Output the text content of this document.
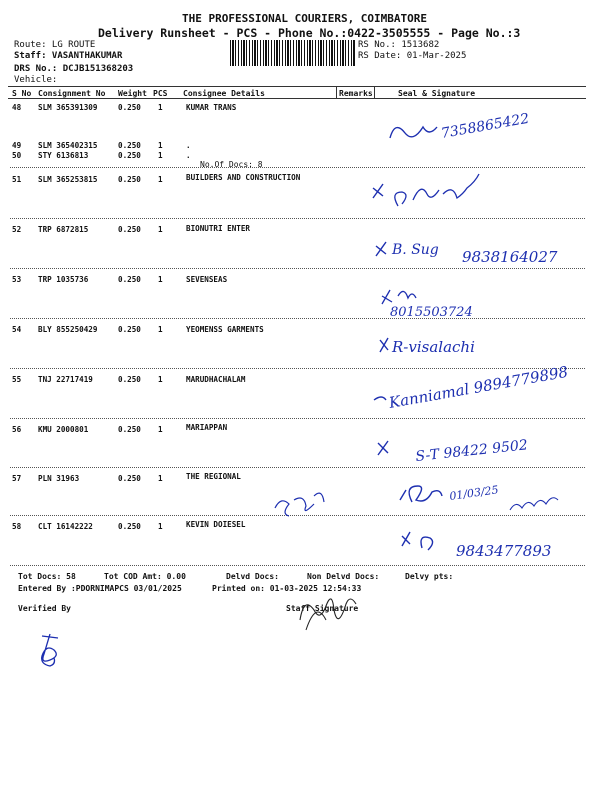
THE PROFESSIONAL COURIERS, COIMBATORE
Delivery Runsheet - PCS - Phone No.:0422-3505555 - Page No.:3
Route: LG ROUTE
Staff: VASANTHAKUMAR
DRS No.: DCJB151368203
Vehicle:
RS No.: 1513682
RS Date: 01-Mar-2025
S No Consignment No Weight PCS Consignee Details	Remarks	Seal & Signature
48 SLM 365391309	0.250 1	KUMAR TRANS
49 SLM 365402315	0.250 1	.
50 STY 6136813	0.250 1	.
No.Of Docs: 8
51 SLM 365253815	0.250 1	BUILDERS AND CONSTRUCTION
52 TRP 6872815	0.250 1	BIONUTRI ENTER
53 TRP 1035736	0.250 1	SEVENSEAS
54 BLY 855250429	0.250 1	YEOMENSS GARMENTS
55 TNJ 22717419	0.250 1	MARUDHACHALAM
56 KMU 2000801	0.250 1	MARIAPPAN
57 PLN 31963	0.250 1	THE REGIONAL
58 CLT 16142222	0.250 1	KEVIN DOIESEL
7358865422
B. Sug 9838164027
8015503724
R-visalachi
Kanniamal 9894779898
S-T 98422 9502
01/03/25
9843477893
Tot Docs: 58	Tot COD Amt: 0.00	Delvd Docs:	Non Delvd Docs:	Delvy pts:
Entered By :PDORNIMAPCS 03/01/2025	Printed on: 01-03-2025 12:54:33
Verified By	Staff Signature
